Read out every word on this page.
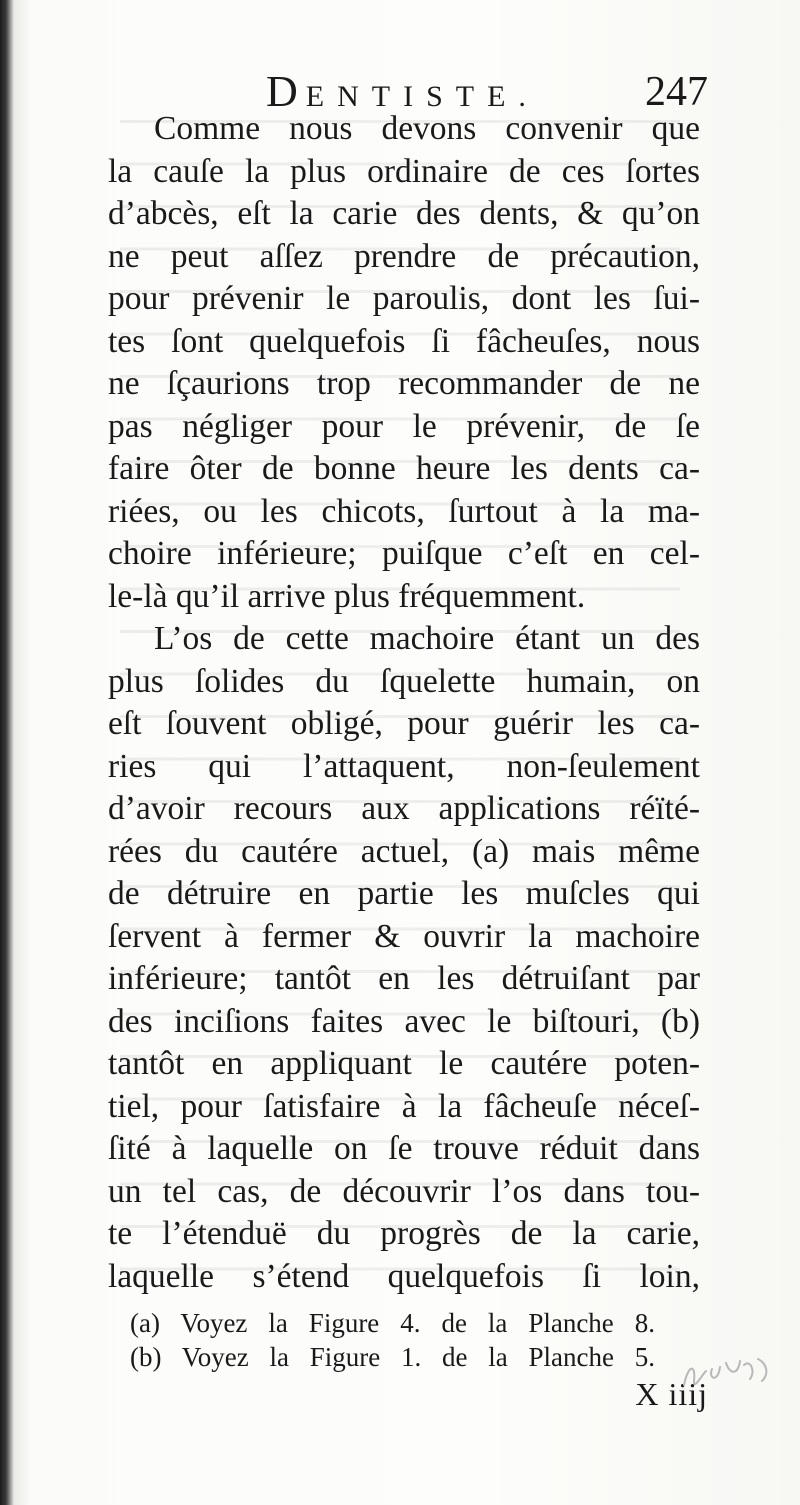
DENTISTE.	247
Comme nous devons convenir que
la cauſe la plus ordinaire de ces ſortes
d’abcès, eſt la carie des dents, & qu’on
ne peut aſſez prendre de précaution,
pour prévenir le paroulis, dont les ſui-
tes ſont quelquefois ſi fâcheuſes, nous
ne ſçaurions trop recommander de ne
pas négliger pour le prévenir, de ſe
faire ôter de bonne heure les dents ca-
riées, ou les chicots, ſurtout à la ma-
choire inférieure; puiſque c’eſt en cel-
le-là qu’il arrive plus fréquemment.
L’os de cette machoire étant un des
plus ſolides du ſquelette humain, on
eſt ſouvent obligé, pour guérir les ca-
ries qui l’attaquent, non-ſeulement
d’avoir recours aux applications réïté-
rées du cautére actuel, (a) mais même
de détruire en partie les muſcles qui
ſervent à fermer & ouvrir la machoire
inférieure; tantôt en les détruiſant par
des inciſions faites avec le biſtouri, (b)
tantôt en appliquant le cautére poten-
tiel, pour ſatisfaire à la fâcheuſe néceſ-
ſité à laquelle on ſe trouve réduit dans
un tel cas, de découvrir l’os dans tou-
te l’étenduë du progrès de la carie,
laquelle s’étend quelquefois ſi loin,
(a) Voyez la Figure 4. de la Planche 8.
(b) Voyez la Figure 1. de la Planche 5.
X iiij
